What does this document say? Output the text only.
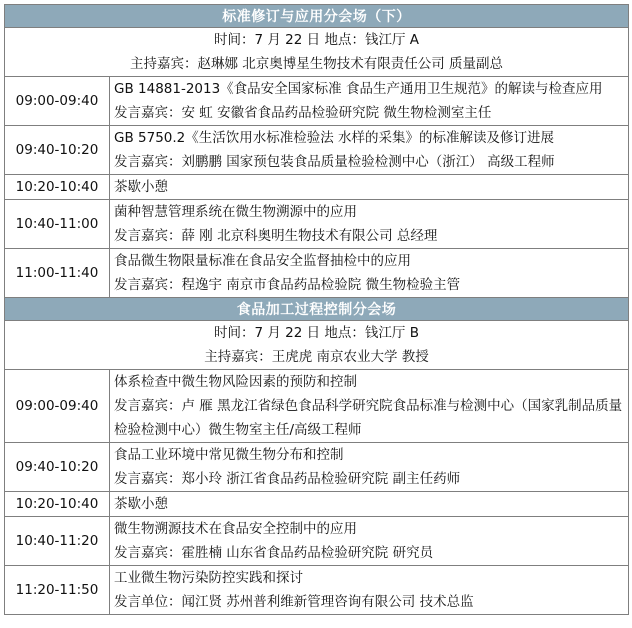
标准修订与应用分会场（下）	

时间：7 月 22 日 地点：钱江厅 A
主持嘉宾：赵琳娜 北京奥博星生物技术有限责任公司 质量副总	

09:00-09:40	GB 14881-2013《食品安全国家标准 食品生产通用卫生规范》的解读与检查应用
发言嘉宾：安 虹 安徽省食品药品检验研究院 微生物检测室主任

09:40-10:20	GB 5750.2《生活饮用水标准检验法 水样的采集》的标准解读及修订进展
发言嘉宾：刘鹏鹏 国家预包装食品质量检验检测中心（浙江） 高级工程师

10:20-10:40	茶歇小憩

10:40-11:00	菌种智慧管理系统在微生物溯源中的应用
发言嘉宾：薛 刚 北京科奥明生物技术有限公司 总经理

11:00-11:40	食品微生物限量标准在食品安全监督抽检中的应用
发言嘉宾：程逸宇 南京市食品药品检验院 微生物检验主管

食品加工过程控制分会场	

时间：7 月 22 日 地点：钱江厅 B
主持嘉宾：王虎虎 南京农业大学 教授	

09:00-09:40	体系检查中微生物风险因素的预防和控制
发言嘉宾：卢 雁 黑龙江省绿色食品科学研究院食品标准与检测中心（国家乳制品质量检验检测中心）微生物室主任/高级工程师

09:40-10:20	食品工业环境中常见微生物分布和控制
发言嘉宾：郑小玲 浙江省食品药品检验研究院 副主任药师

10:20-10:40	茶歇小憩

10:40-11:20	微生物溯源技术在食品安全控制中的应用
发言嘉宾：霍胜楠 山东省食品药品检验研究院 研究员

11:20-11:50	工业微生物污染防控实践和探讨
发言单位：闻江贤 苏州普利维新管理咨询有限公司 技术总监
